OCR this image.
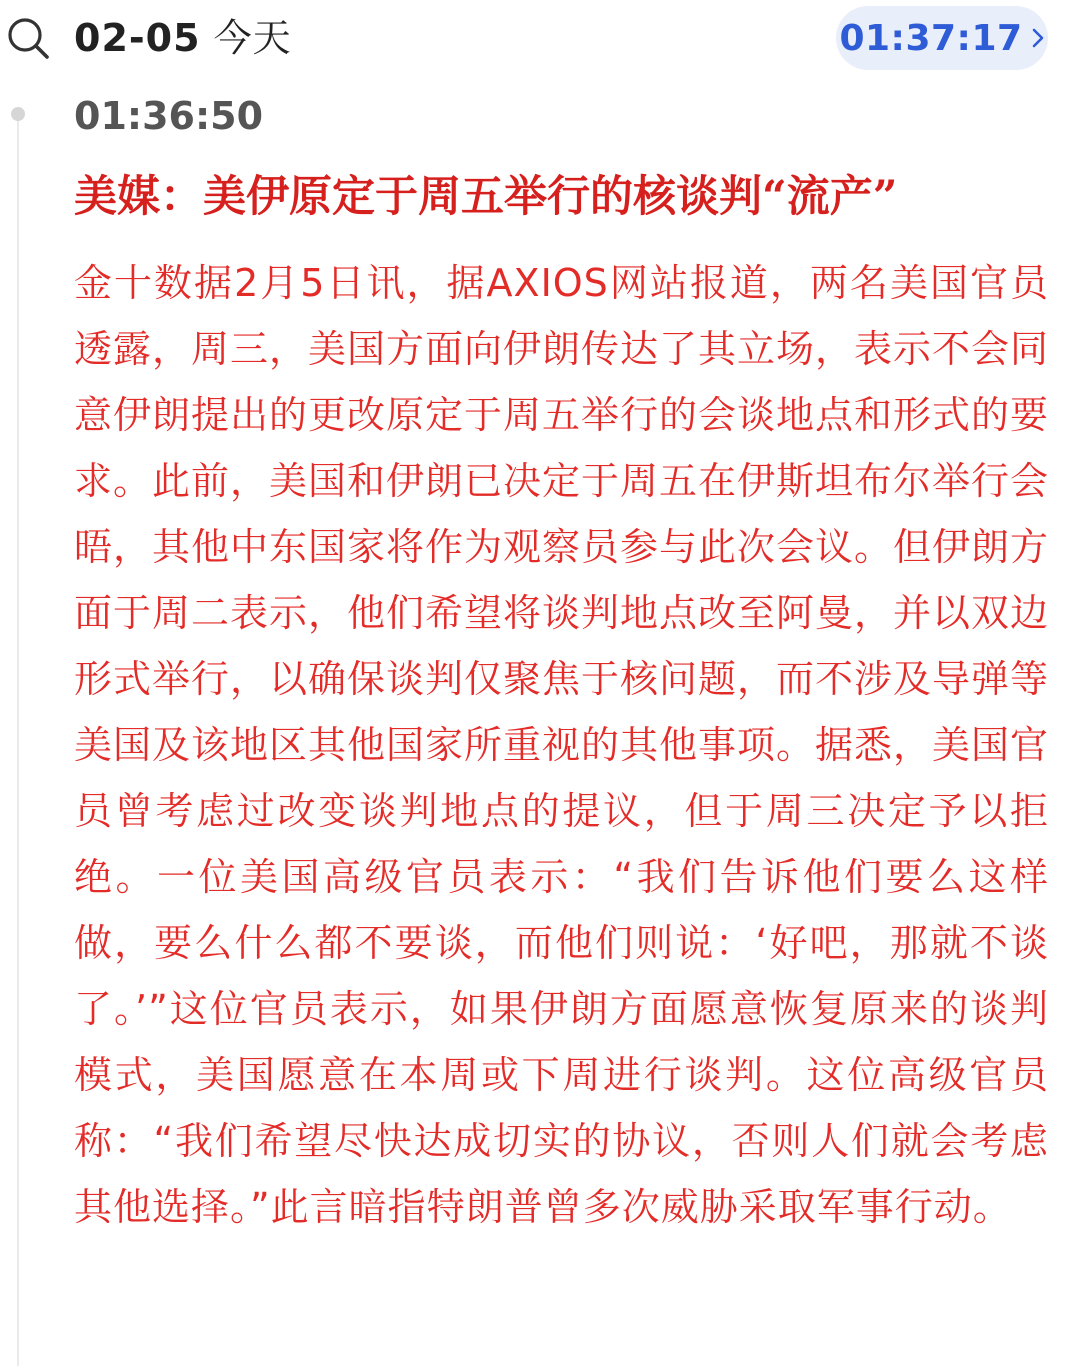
02-05 今天	01:37:17
01:36:50
美媒：美伊原定于周五举行的核谈判“流产”
金十数据2月5日讯，据AXIOS网站报道，两名美国官员透露，周三，美国方面向伊朗传达了其立场，表示不会同意伊朗提出的更改原定于周五举行的会谈地点和形式的要求。此前，美国和伊朗已决定于周五在伊斯坦布尔举行会晤，其他中东国家将作为观察员参与此次会议。但伊朗方面于周二表示，他们希望将谈判地点改至阿曼，并以双边形式举行，以确保谈判仅聚焦于核问题，而不涉及导弹等美国及该地区其他国家所重视的其他事项。据悉，美国官员曾考虑过改变谈判地点的提议，但于周三决定予以拒绝。一位美国高级官员表示：“我们告诉他们要么这样做，要么什么都不要谈，而他们则说：‘好吧，那就不谈了。’”这位官员表示，如果伊朗方面愿意恢复原来的谈判模式，美国愿意在本周或下周进行谈判。这位高级官员称：“我们希望尽快达成切实的协议，否则人们就会考虑其他选择。”此言暗指特朗普曾多次威胁采取军事行动。
